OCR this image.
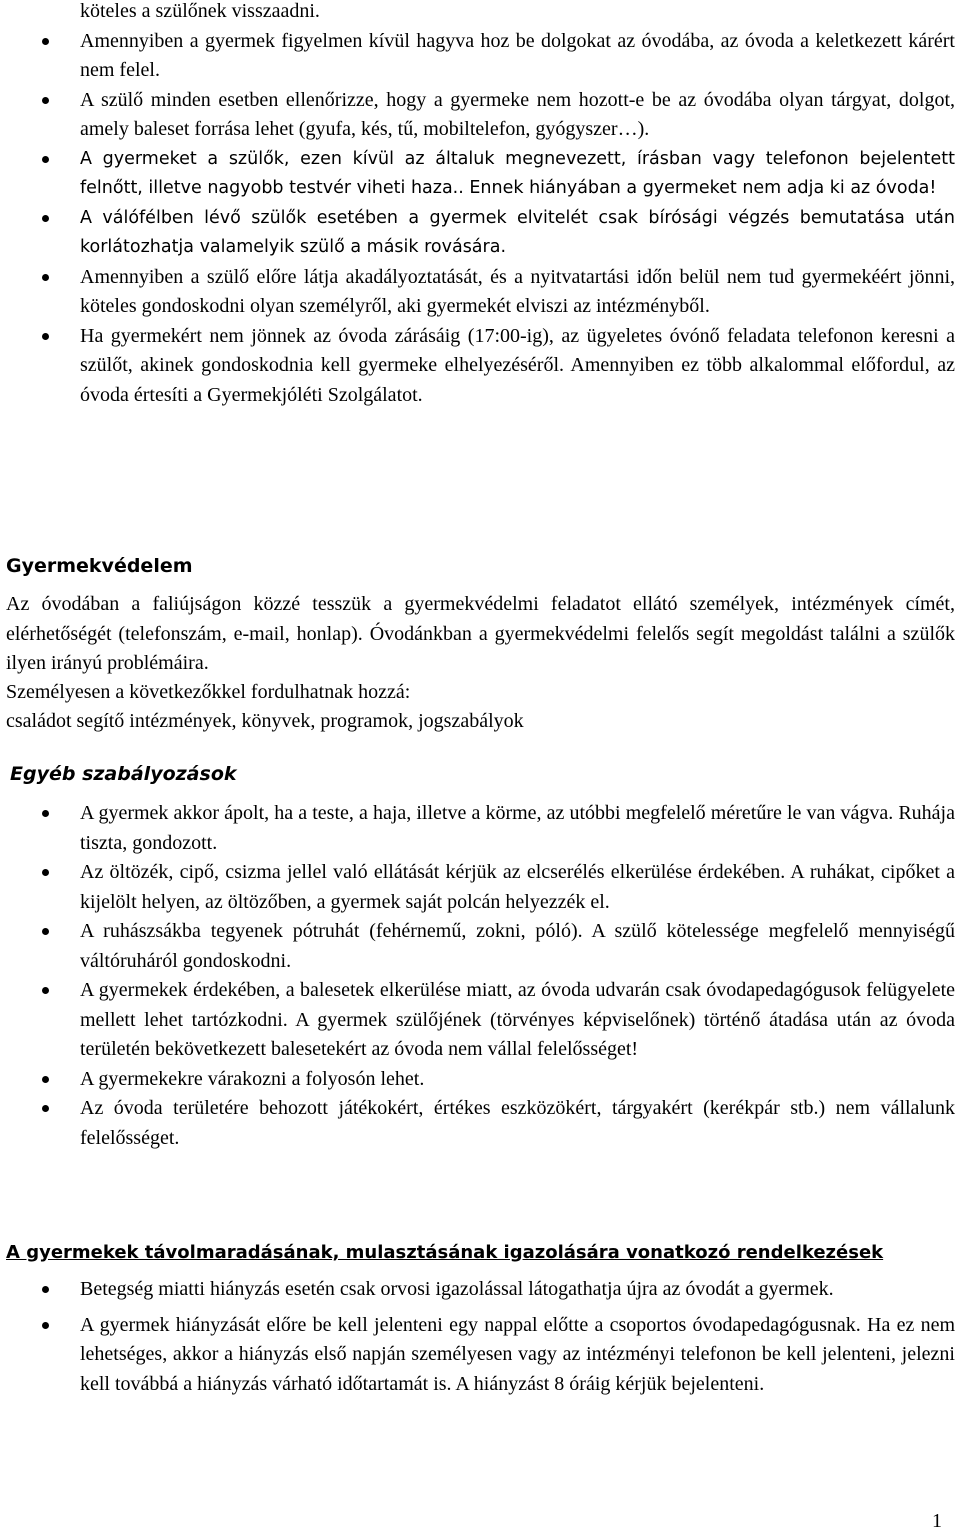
köteles a szülőnek visszaadni.
Amennyiben a gyermek figyelmen kívül hagyva hoz be dolgokat az óvodába, az óvoda a keletkezett kárért nem felel.
A szülő minden esetben ellenőrizze, hogy a gyermeke nem hozott-e be az óvodába olyan tárgyat, dolgot, amely baleset forrása lehet (gyufa, kés, tű, mobiltelefon, gyógyszer…).
A gyermeket a szülők, ezen kívül az általuk megnevezett, írásban vagy telefonon bejelentett felnőtt, illetve nagyobb testvér viheti haza.. Ennek hiányában a gyermeket nem adja ki az óvoda!
A válófélben lévő szülők esetében a gyermek elvitelét csak bírósági végzés bemutatása után korlátozhatja valamelyik szülő a másik rovására.
Amennyiben a szülő előre látja akadályoztatását, és a nyitvatartási időn belül nem tud gyermekéért jönni, köteles gondoskodni olyan személyről, aki gyermekét elviszi az intézményből.
Ha gyermekért nem jönnek az óvoda zárásáig (17:00-ig), az ügyeletes óvónő feladata telefonon keresni a szülőt, akinek gondoskodnia kell gyermeke elhelyezéséről. Amennyiben ez több alkalommal előfordul, az óvoda értesíti a Gyermekjóléti Szolgálatot.
Gyermekvédelem

Az óvodában a faliújságon közzé tesszük a gyermekvédelmi feladatot ellátó személyek, intézmények címét, elérhetőségét (telefonszám, e-mail, honlap). Óvodánkban a gyermekvédelmi felelős segít megoldást találni a szülők ilyen irányú problémáira.

Személyesen a következőkkel fordulhatnak hozzá:

családot segítő intézmények, könyvek, programok, jogszabályok

Egyéb szabályozások
A gyermek akkor ápolt, ha a teste, a haja, illetve a körme, az utóbbi megfelelő méretűre le van vágva. Ruhája tiszta, gondozott.
Az öltözék, cipő, csizma jellel való ellátását kérjük az elcserélés elkerülése érdekében. A ruhákat, cipőket a kijelölt helyen, az öltözőben, a gyermek saját polcán helyezzék el.
A ruhászsákba tegyenek pótruhát (fehérnemű, zokni, póló). A szülő kötelessége megfelelő mennyiségű váltóruháról gondoskodni.
A gyermekek érdekében, a balesetek elkerülése miatt, az óvoda udvarán csak óvodapedagógusok felügyelete mellett lehet tartózkodni. A gyermek szülőjének (törvényes képviselőnek) történő átadása után az óvoda területén bekövetkezett balesetekért az óvoda nem vállal felelősséget!
A gyermekekre várakozni a folyosón lehet.
Az óvoda területére behozott játékokért, értékes eszközökért, tárgyakért (kerékpár stb.) nem vállalunk felelősséget.

A gyermekek távolmaradásának, mulasztásának igazolására vonatkozó rendelkezések

Betegség miatti hiányzás esetén csak orvosi igazolással látogathatja újra az óvodát a gyermek.
A gyermek hiányzását előre be kell jelenteni egy nappal előtte a csoportos óvodapedagógusnak. Ha ez nem lehetséges, akkor a hiányzás első napján személyesen vagy az intézményi telefonon be kell jelenteni, jelezni kell továbbá a hiányzás várható időtartamát is. A hiányzást 8 óráig kérjük bejelenteni.
1
